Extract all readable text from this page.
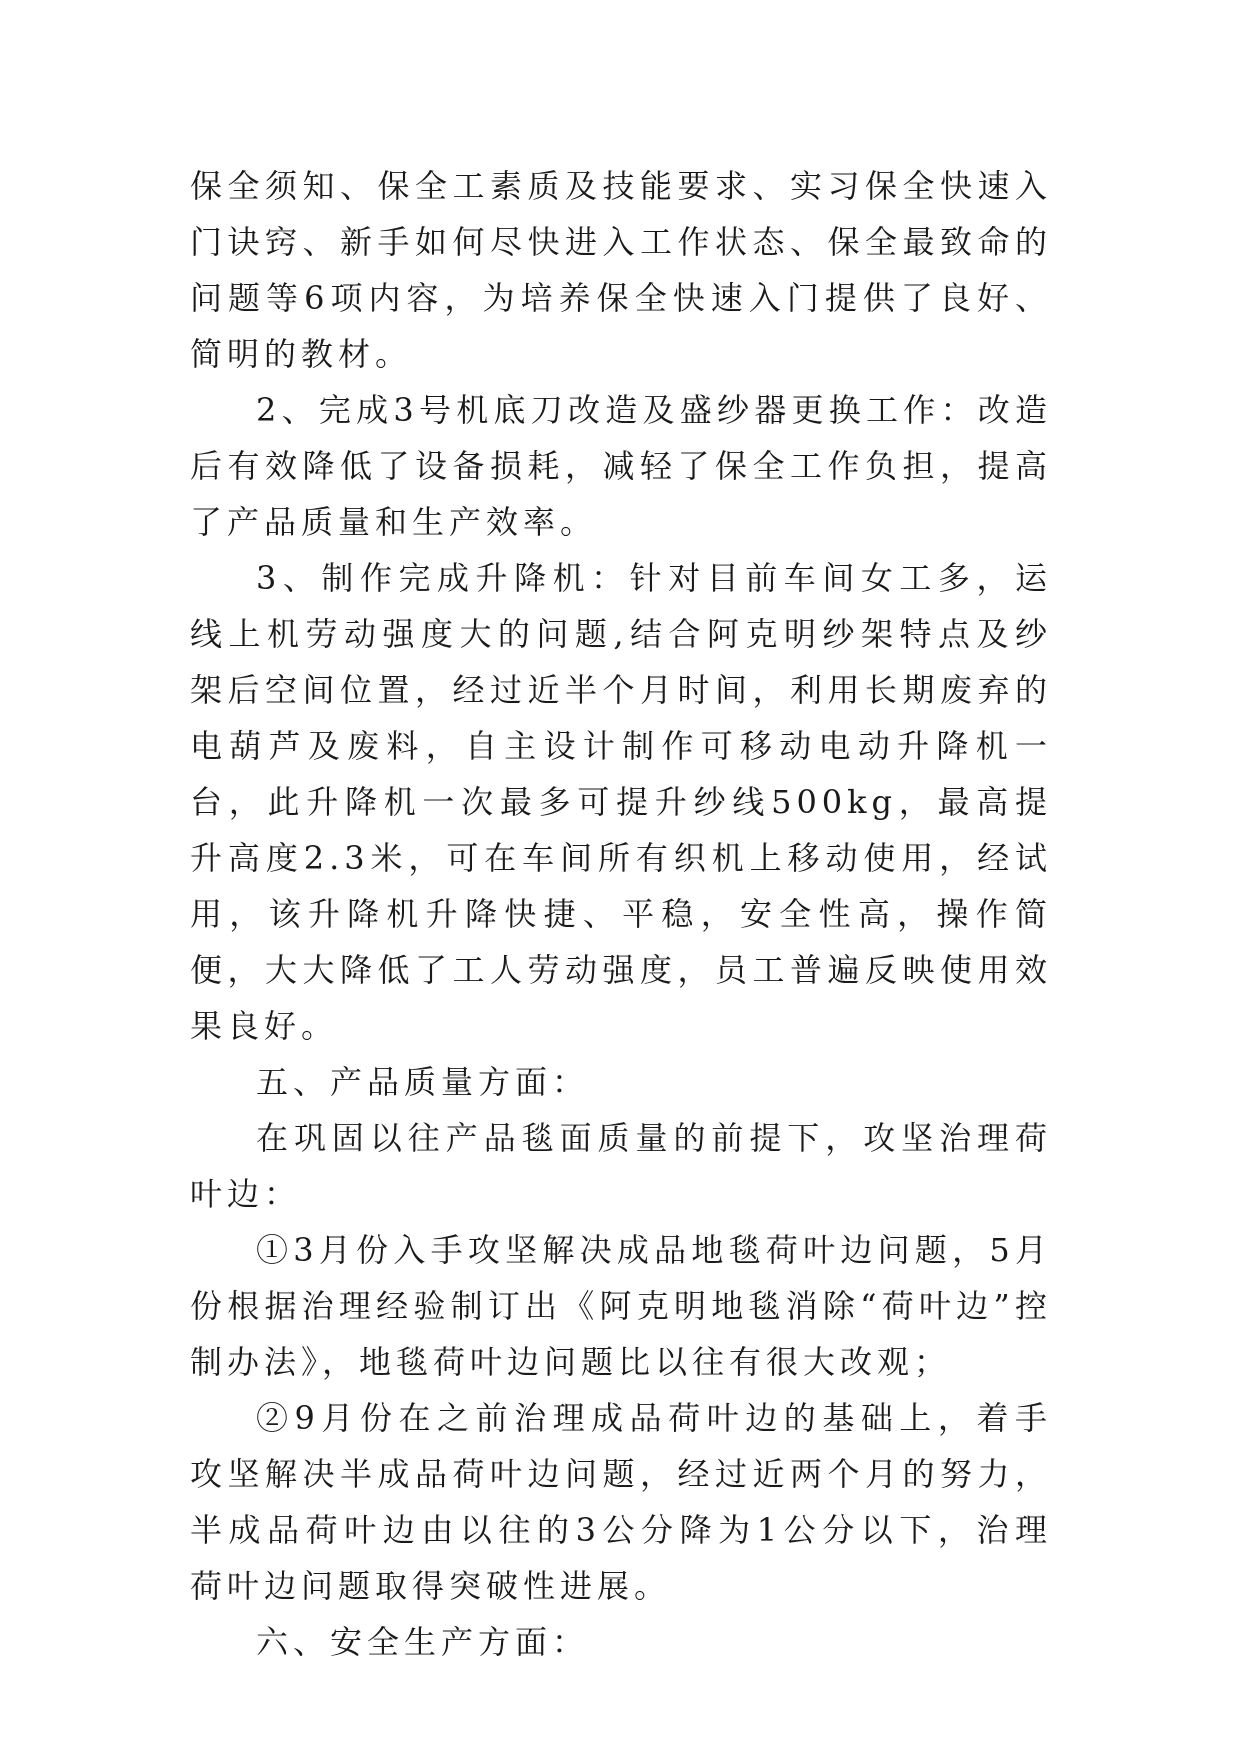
保全须知、保全工素质及技能要求、实习保全快速入门诀窍、新手如何尽快进入工作状态、保全最致命的问题等6项内容，为培养保全快速入门提供了良好、简明的教材。

2、完成3号机底刀改造及盛纱器更换工作：改造后有效降低了设备损耗，减轻了保全工作负担，提高了产品质量和生产效率。

3、制作完成升降机：针对目前车间女工多，运线上机劳动强度大的问题,结合阿克明纱架特点及纱架后空间位置，经过近半个月时间，利用长期废弃的电葫芦及废料，自主设计制作可移动电动升降机一台，此升降机一次最多可提升纱线500kg，最高提升高度2.3米，可在车间所有织机上移动使用，经试用，该升降机升降快捷、平稳，安全性高，操作简便，大大降低了工人劳动强度，员工普遍反映使用效果良好。

五、产品质量方面：

在巩固以往产品毯面质量的前提下，攻坚治理荷叶边：

①3月份入手攻坚解决成品地毯荷叶边问题，5月份根据治理经验制订出《阿克明地毯消除“荷叶边”控制办法》，地毯荷叶边问题比以往有很大改观；

②9月份在之前治理成品荷叶边的基础上，着手攻坚解决半成品荷叶边问题，经过近两个月的努力，半成品荷叶边由以往的3公分降为1公分以下，治理荷叶边问题取得突破性进展。

六、安全生产方面：
